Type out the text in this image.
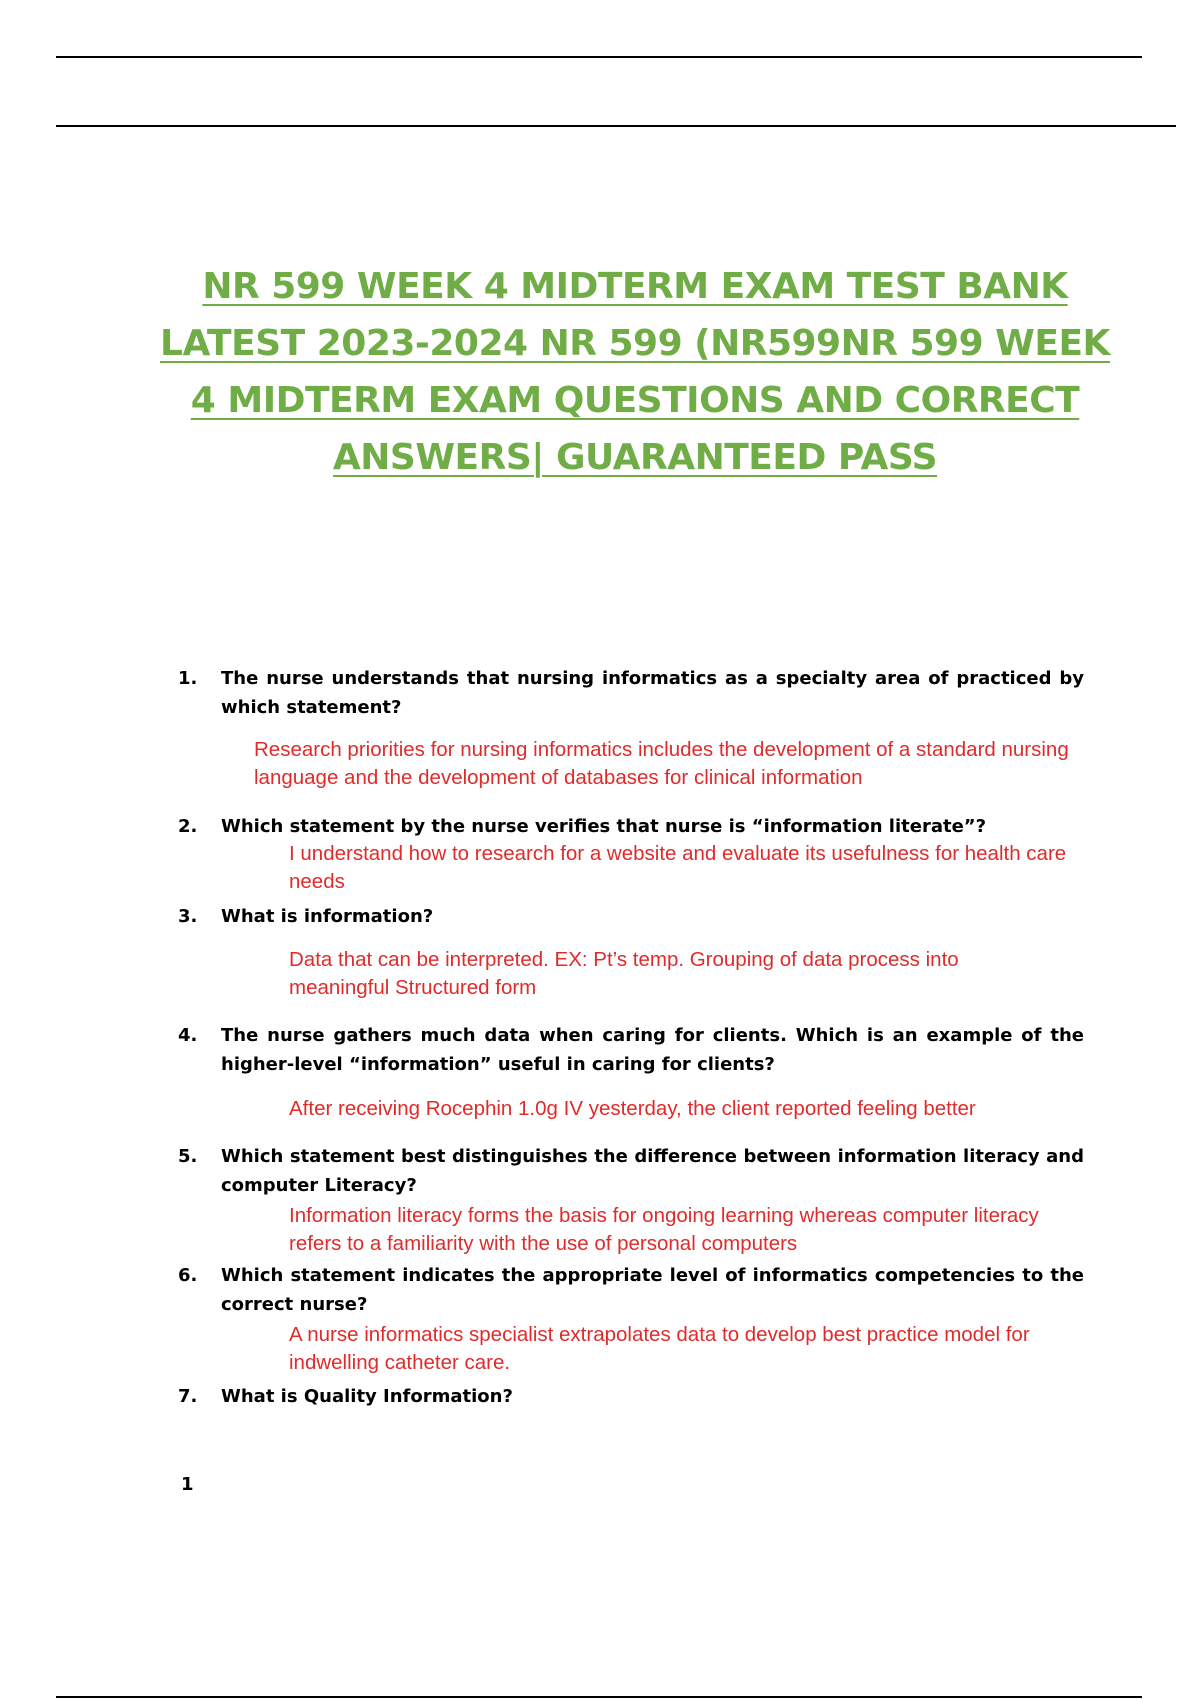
NR 599 WEEK 4 MIDTERM EXAM TEST BANK
LATEST 2023-2024 NR 599 (NR599NR 599 WEEK
4 MIDTERM EXAM QUESTIONS AND CORRECT
ANSWERS| GUARANTEED PASS
1.	The nurse understands that nursing informatics as a specialty area of practiced by which statement?
Research priorities for nursing informatics includes the development of a standard nursing language and the development of databases for clinical information
2.	Which statement by the nurse verifies that nurse is “information literate”?
I understand how to research for a website and evaluate its usefulness for health care needs
3.	What is information?
Data that can be interpreted. EX: Pt’s temp. Grouping of data process into meaningful Structured form
4.	The nurse gathers much data when caring for clients. Which is an example of the higher-level “information” useful in caring for clients?
After receiving Rocephin 1.0g IV yesterday, the client reported feeling better
5.	Which statement best distinguishes the difference between information literacy and computer Literacy?
Information literacy forms the basis for ongoing learning whereas computer literacy refers to a familiarity with the use of personal computers
6.	Which statement indicates the appropriate level of informatics competencies to the correct nurse?
A nurse informatics specialist extrapolates data to develop best practice model for indwelling catheter care.
7.	What is Quality Information?
1
